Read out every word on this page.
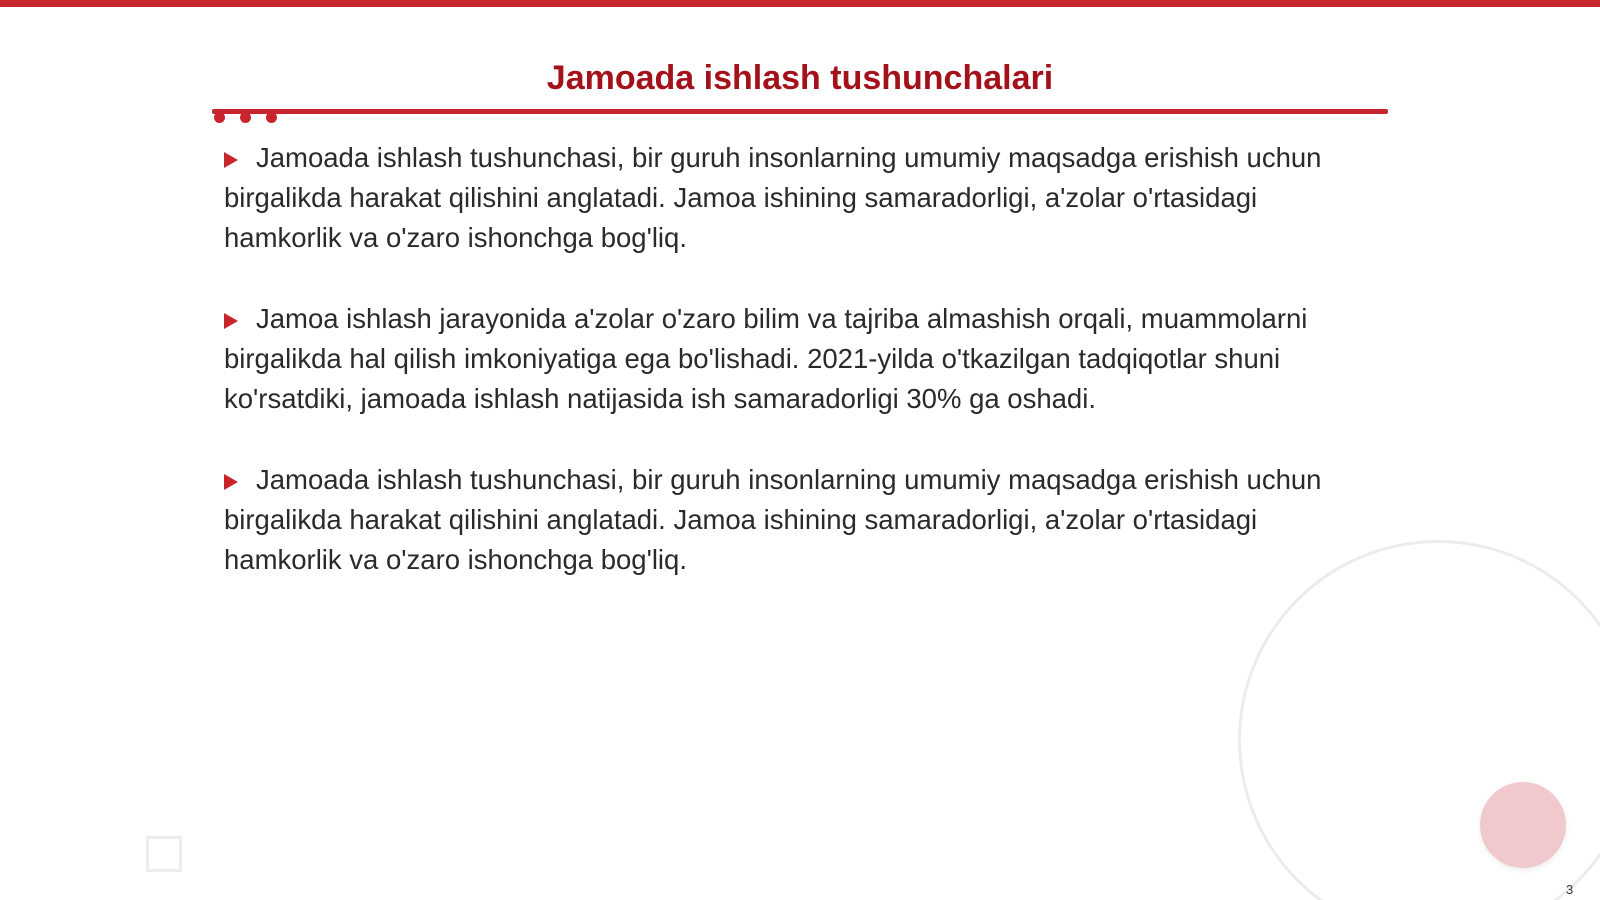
Jamoada ishlash tushunchalari
Jamoada ishlash tushunchasi, bir guruh insonlarning umumiy maqsadga erishish uchun birgalikda harakat qilishini anglatadi. Jamoa ishining samaradorligi, a'zolar o'rtasidagi hamkorlik va o'zaro ishonchga bog'liq.
Jamoa ishlash jarayonida a'zolar o'zaro bilim va tajriba almashish orqali, muammolarni birgalikda hal qilish imkoniyatiga ega bo'lishadi. 2021-yilda o'tkazilgan tadqiqotlar shuni ko'rsatdiki, jamoada ishlash natijasida ish samaradorligi 30% ga oshadi.
Jamoada ishlash tushunchasi, bir guruh insonlarning umumiy maqsadga erishish uchun birgalikda harakat qilishini anglatadi. Jamoa ishining samaradorligi, a'zolar o'rtasidagi hamkorlik va o'zaro ishonchga bog'liq.
3
